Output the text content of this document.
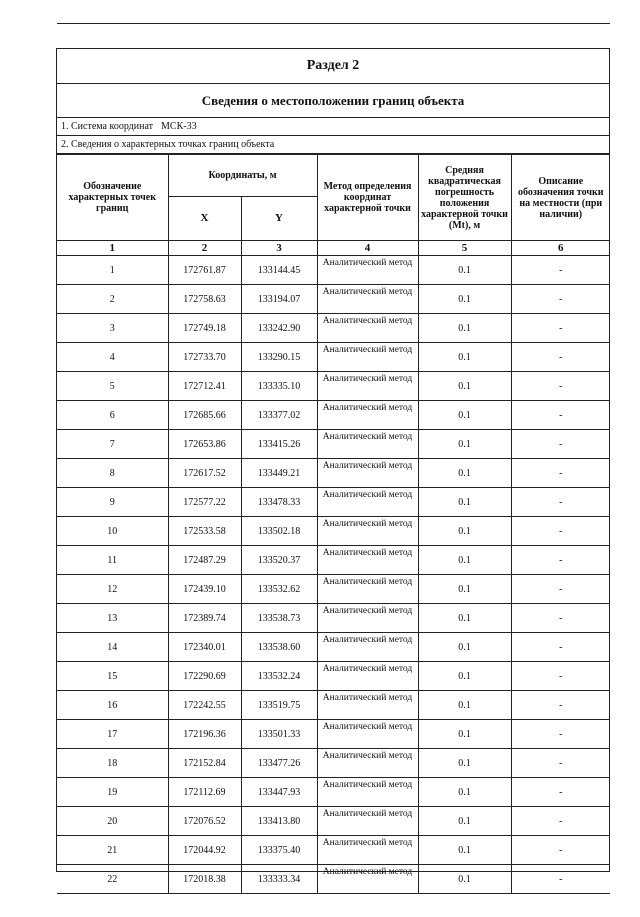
Раздел 2
Сведения о местоположении границ объекта
1. Система координат МСК-33
2. Сведения о характерных точках границ объекта
Обозначение характерных точек границ	Координаты, м		Метод определения координат характерной точки	Средняя квадратическая погрешность положения характерной точки (Mt), м	Описание обозначения точки на местности (при наличии)
	X	Y			
1	2	3	4	5	6
1	172761.87	133144.45	Аналитический метод	0.1	-
2	172758.63	133194.07	Аналитический метод	0.1	-
3	172749.18	133242.90	Аналитический метод	0.1	-
4	172733.70	133290.15	Аналитический метод	0.1	-
5	172712.41	133335.10	Аналитический метод	0.1	-
6	172685.66	133377.02	Аналитический метод	0.1	-
7	172653.86	133415.26	Аналитический метод	0.1	-
8	172617.52	133449.21	Аналитический метод	0.1	-
9	172577.22	133478.33	Аналитический метод	0.1	-
10	172533.58	133502.18	Аналитический метод	0.1	-
11	172487.29	133520.37	Аналитический метод	0.1	-
12	172439.10	133532.62	Аналитический метод	0.1	-
13	172389.74	133538.73	Аналитический метод	0.1	-
14	172340.01	133538.60	Аналитический метод	0.1	-
15	172290.69	133532.24	Аналитический метод	0.1	-
16	172242.55	133519.75	Аналитический метод	0.1	-
17	172196.36	133501.33	Аналитический метод	0.1	-
18	172152.84	133477.26	Аналитический метод	0.1	-
19	172112.69	133447.93	Аналитический метод	0.1	-
20	172076.52	133413.80	Аналитический метод	0.1	-
21	172044.92	133375.40	Аналитический метод	0.1	-
22	172018.38	133333.34	Аналитический метод	0.1	-
